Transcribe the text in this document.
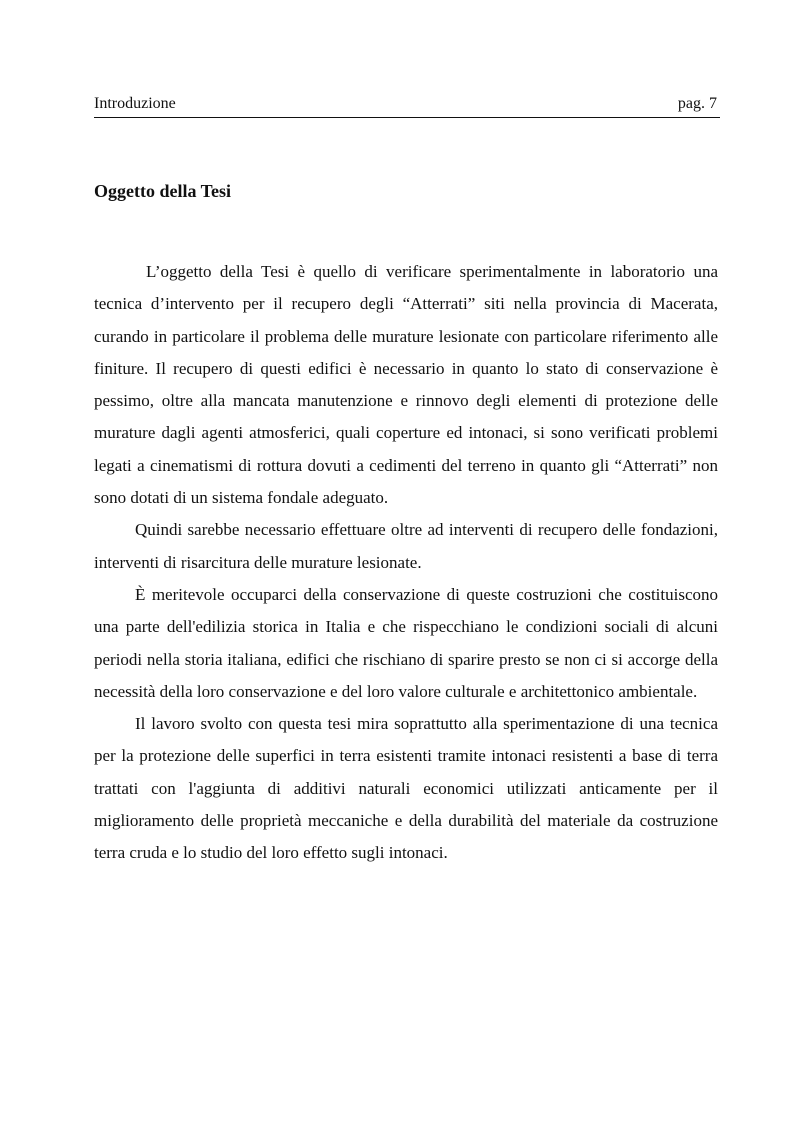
Introduzione	pag. 7
Oggetto della Tesi

L’oggetto della Tesi è quello di verificare sperimentalmente in laboratorio una tecnica d’intervento per il recupero degli “Atterrati” siti nella provincia di Macerata, curando in particolare il problema delle murature lesionate con particolare riferimento alle finiture. Il recupero di questi edifici è necessario in quanto lo stato di conservazione è pessimo, oltre alla mancata manutenzione e rinnovo degli elementi di protezione delle murature dagli agenti atmosferici, quali coperture ed intonaci, si sono verificati problemi legati a cinematismi di rottura dovuti a cedimenti del terreno in quanto gli “Atterrati” non sono dotati di un sistema fondale adeguato.

Quindi sarebbe necessario effettuare oltre ad interventi di recupero delle fondazioni, interventi di risarcitura delle murature lesionate.

È meritevole occuparci della conservazione di queste costruzioni che costituiscono una parte dell'edilizia storica in Italia e che rispecchiano le condizioni sociali di alcuni periodi nella storia italiana, edifici che rischiano di sparire presto se non ci si accorge della necessità della loro conservazione e del loro valore culturale e architettonico ambientale.

Il lavoro svolto con questa tesi mira soprattutto alla sperimentazione di una tecnica per la protezione delle superfici in terra esistenti tramite intonaci resistenti a base di terra trattati con l'aggiunta di additivi naturali economici utilizzati anticamente per il miglioramento delle proprietà meccaniche e della durabilità del materiale da costruzione terra cruda e lo studio del loro effetto sugli intonaci.
